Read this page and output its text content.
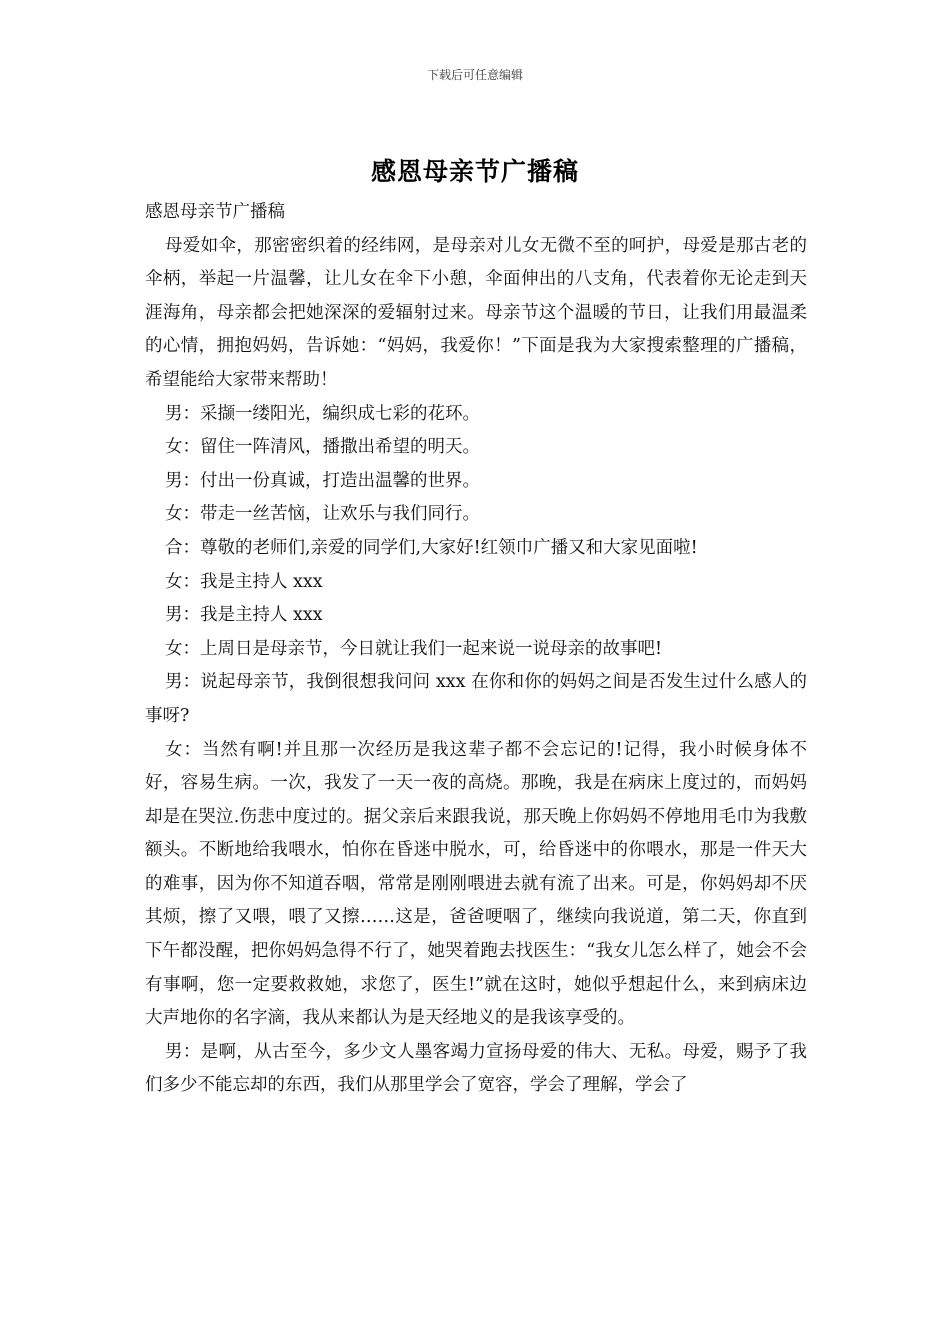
下载后可任意编辑
感恩母亲节广播稿

感恩母亲节广播稿

母爱如伞，那密密织着的经纬网，是母亲对儿女无微不至的呵护，母爱是那古老的伞柄，举起一片温馨，让儿女在伞下小憩，伞面伸出的八支角，代表着你无论走到天涯海角，母亲都会把她深深的爱辐射过来。母亲节这个温暖的节日，让我们用最温柔的心情，拥抱妈妈，告诉她：“妈妈，我爱你！”下面是我为大家搜索整理的广播稿，希望能给大家带来帮助！

男：采撷一缕阳光，编织成七彩的花环。

女：留住一阵清风，播撒出希望的明天。

男：付出一份真诚，打造出温馨的世界。

女：带走一丝苦恼，让欢乐与我们同行。

合：尊敬的老师们,亲爱的同学们,大家好!红领巾广播又和大家见面啦!

女：我是主持人 xxx

男：我是主持人 xxx

女：上周日是母亲节，今日就让我们一起来说一说母亲的故事吧!

男：说起母亲节，我倒很想我问问 xxx 在你和你的妈妈之间是否发生过什么感人的事呀?

女：当然有啊!并且那一次经历是我这辈子都不会忘记的!记得，我小时候身体不好，容易生病。一次，我发了一天一夜的高烧。那晚，我是在病床上度过的，而妈妈却是在哭泣.伤悲中度过的。据父亲后来跟我说，那天晚上你妈妈不停地用毛巾为我敷额头。不断地给我喂水，怕你在昏迷中脱水，可，给昏迷中的你喂水，那是一件天大的难事，因为你不知道吞咽，常常是刚刚喂进去就有流了出来。可是，你妈妈却不厌其烦，擦了又喂，喂了又擦……这是，爸爸哽咽了，继续向我说道，第二天，你直到下午都没醒，把你妈妈急得不行了，她哭着跑去找医生：“我女儿怎么样了，她会不会有事啊，您一定要救救她，求您了，医生!”就在这时，她似乎想起什么，来到病床边大声地你的名字滴，我从来都认为是天经地义的是我该享受的。

男：是啊，从古至今，多少文人墨客竭力宣扬母爱的伟大、无私。母爱，赐予了我们多少不能忘却的东西，我们从那里学会了宽容，学会了理解，学会了
